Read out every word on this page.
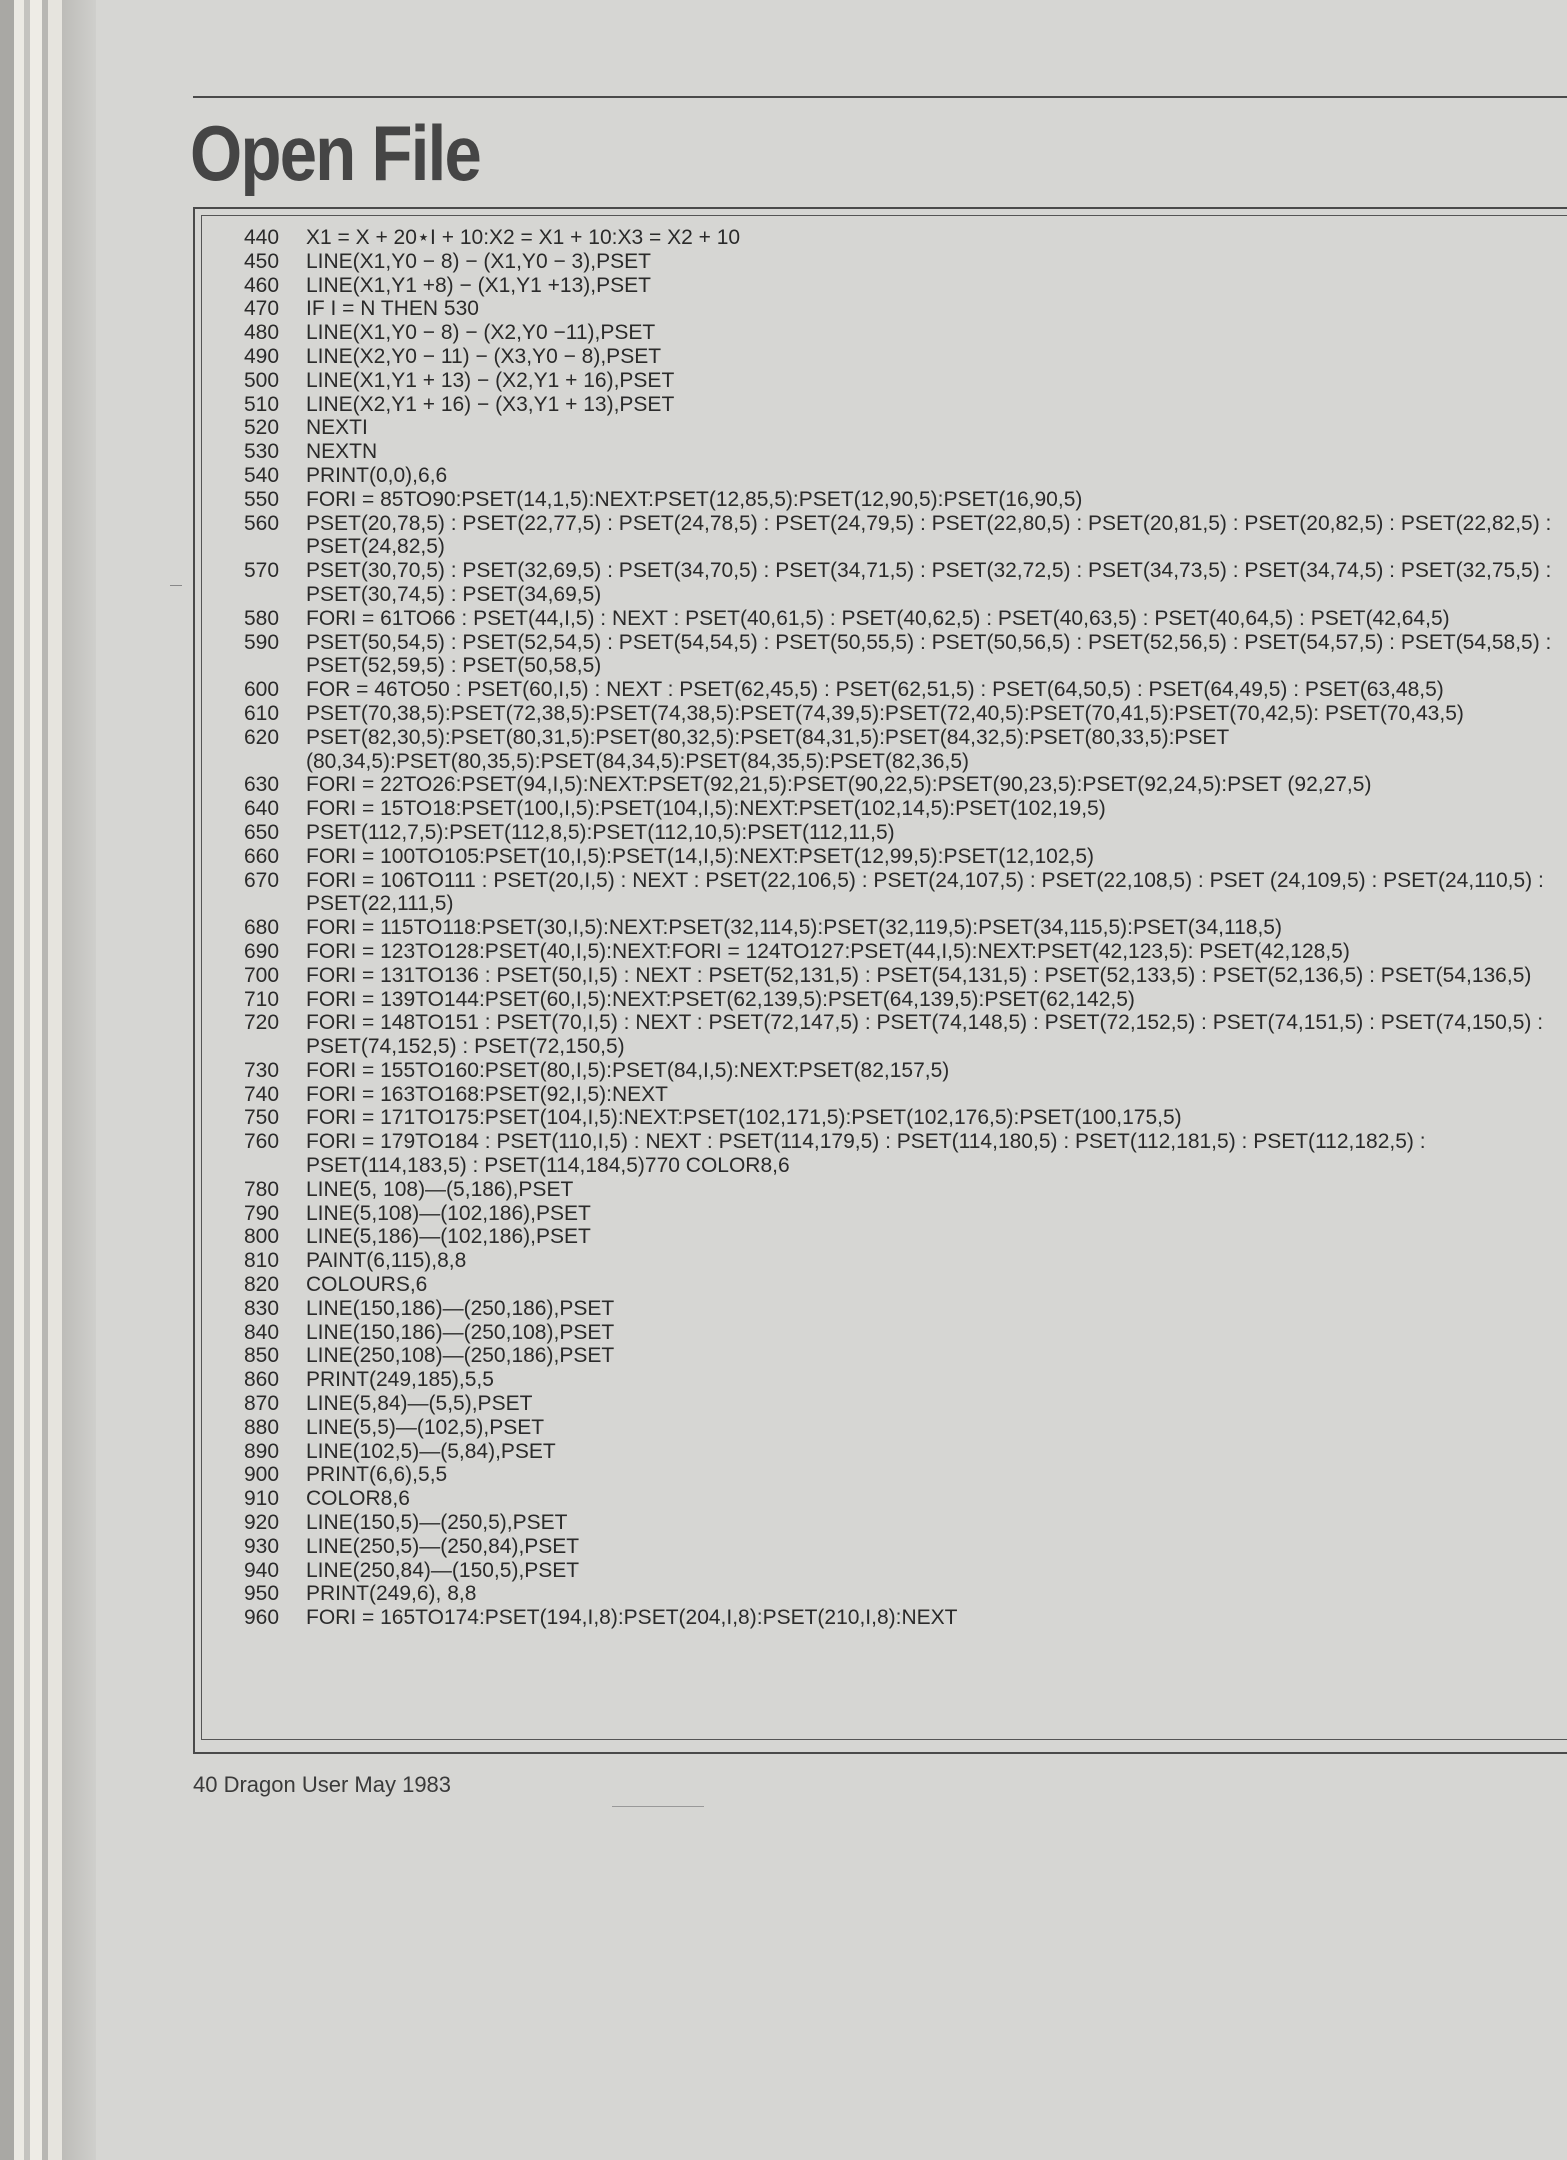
Open File
440	X1 = X + 20⋆I + 10:X2 = X1 + 10:X3 = X2 + 10
450	LINE(X1,Y0 − 8) − (X1,Y0 − 3),PSET
460	LINE(X1,Y1 +8) − (X1,Y1 +13),PSET
470	IF I = N THEN 530
480	LINE(X1,Y0 − 8) − (X2,Y0 −11),PSET
490	LINE(X2,Y0 − 11) − (X3,Y0 − 8),PSET
500	LINE(X1,Y1 + 13) − (X2,Y1 + 16),PSET
510	LINE(X2,Y1 + 16) − (X3,Y1 + 13),PSET
520	NEXTI
530	NEXTN
540	PRINT(0,0),6,6
550	FORI = 85TO90:PSET(14,1,5):NEXT:PSET(12,85,5):PSET(12,90,5):PSET(16,90,5)
560	PSET(20,78,5) : PSET(22,77,5) : PSET(24,78,5) : PSET(24,79,5) : PSET(22,80,5) : PSET(20,81,5) : PSET(20,82,5) : PSET(22,82,5) : PSET(24,82,5)
570	PSET(30,70,5) : PSET(32,69,5) : PSET(34,70,5) : PSET(34,71,5) : PSET(32,72,5) : PSET(34,73,5) : PSET(34,74,5) : PSET(32,75,5) : PSET(30,74,5) : PSET(34,69,5)
580	FORI = 61TO66 : PSET(44,I,5) : NEXT : PSET(40,61,5) : PSET(40,62,5) : PSET(40,63,5) : PSET(40,64,5) : PSET(42,64,5)
590	PSET(50,54,5) : PSET(52,54,5) : PSET(54,54,5) : PSET(50,55,5) : PSET(50,56,5) : PSET(52,56,5) : PSET(54,57,5) : PSET(54,58,5) : PSET(52,59,5) : PSET(50,58,5)
600	FOR = 46TO50 : PSET(60,I,5) : NEXT : PSET(62,45,5) : PSET(62,51,5) : PSET(64,50,5) : PSET(64,49,5) : PSET(63,48,5)
610	PSET(70,38,5):PSET(72,38,5):PSET(74,38,5):PSET(74,39,5):PSET(72,40,5):PSET(70,41,5):PSET(70,42,5): PSET(70,43,5)
620	PSET(82,30,5):PSET(80,31,5):PSET(80,32,5):PSET(84,31,5):PSET(84,32,5):PSET(80,33,5):PSET (80,34,5):PSET(80,35,5):PSET(84,34,5):PSET(84,35,5):PSET(82,36,5)
630	FORI = 22TO26:PSET(94,I,5):NEXT:PSET(92,21,5):PSET(90,22,5):PSET(90,23,5):PSET(92,24,5):PSET (92,27,5)
640	FORI = 15TO18:PSET(100,I,5):PSET(104,I,5):NEXT:PSET(102,14,5):PSET(102,19,5)
650	PSET(112,7,5):PSET(112,8,5):PSET(112,10,5):PSET(112,11,5)
660	FORI = 100TO105:PSET(10,I,5):PSET(14,I,5):NEXT:PSET(12,99,5):PSET(12,102,5)
670	FORI = 106TO111 : PSET(20,I,5) : NEXT : PSET(22,106,5) : PSET(24,107,5) : PSET(22,108,5) : PSET (24,109,5) : PSET(24,110,5) : PSET(22,111,5)
680	FORI = 115TO118:PSET(30,I,5):NEXT:PSET(32,114,5):PSET(32,119,5):PSET(34,115,5):PSET(34,118,5)
690	FORI = 123TO128:PSET(40,I,5):NEXT:FORI = 124TO127:PSET(44,I,5):NEXT:PSET(42,123,5): PSET(42,128,5)
700	FORI = 131TO136 : PSET(50,I,5) : NEXT : PSET(52,131,5) : PSET(54,131,5) : PSET(52,133,5) : PSET(52,136,5) : PSET(54,136,5)
710	FORI = 139TO144:PSET(60,I,5):NEXT:PSET(62,139,5):PSET(64,139,5):PSET(62,142,5)
720	FORI = 148TO151 : PSET(70,I,5) : NEXT : PSET(72,147,5) : PSET(74,148,5) : PSET(72,152,5) : PSET(74,151,5) : PSET(74,150,5) : PSET(74,152,5) : PSET(72,150,5)
730	FORI = 155TO160:PSET(80,I,5):PSET(84,I,5):NEXT:PSET(82,157,5)
740	FORI = 163TO168:PSET(92,I,5):NEXT
750	FORI = 171TO175:PSET(104,I,5):NEXT:PSET(102,171,5):PSET(102,176,5):PSET(100,175,5)
760	FORI = 179TO184 : PSET(110,I,5) : NEXT : PSET(114,179,5) : PSET(114,180,5) : PSET(112,181,5) : PSET(112,182,5) : PSET(114,183,5) : PSET(114,184,5)770 COLOR8,6
780	LINE(5, 108)—(5,186),PSET
790	LINE(5,108)—(102,186),PSET
800	LINE(5,186)—(102,186),PSET
810	PAINT(6,115),8,8
820	COLOURS,6
830	LINE(150,186)—(250,186),PSET
840	LINE(150,186)—(250,108),PSET
850	LINE(250,108)—(250,186),PSET
860	PRINT(249,185),5,5
870	LINE(5,84)—(5,5),PSET
880	LINE(5,5)—(102,5),PSET
890	LINE(102,5)—(5,84),PSET
900	PRINT(6,6),5,5
910	COLOR8,6
920	LINE(150,5)—(250,5),PSET
930	LINE(250,5)—(250,84),PSET
940	LINE(250,84)—(150,5),PSET
950	PRINT(249,6), 8,8
960	FORI = 165TO174:PSET(194,I,8):PSET(204,I,8):PSET(210,I,8):NEXT
40 Dragon User May 1983
